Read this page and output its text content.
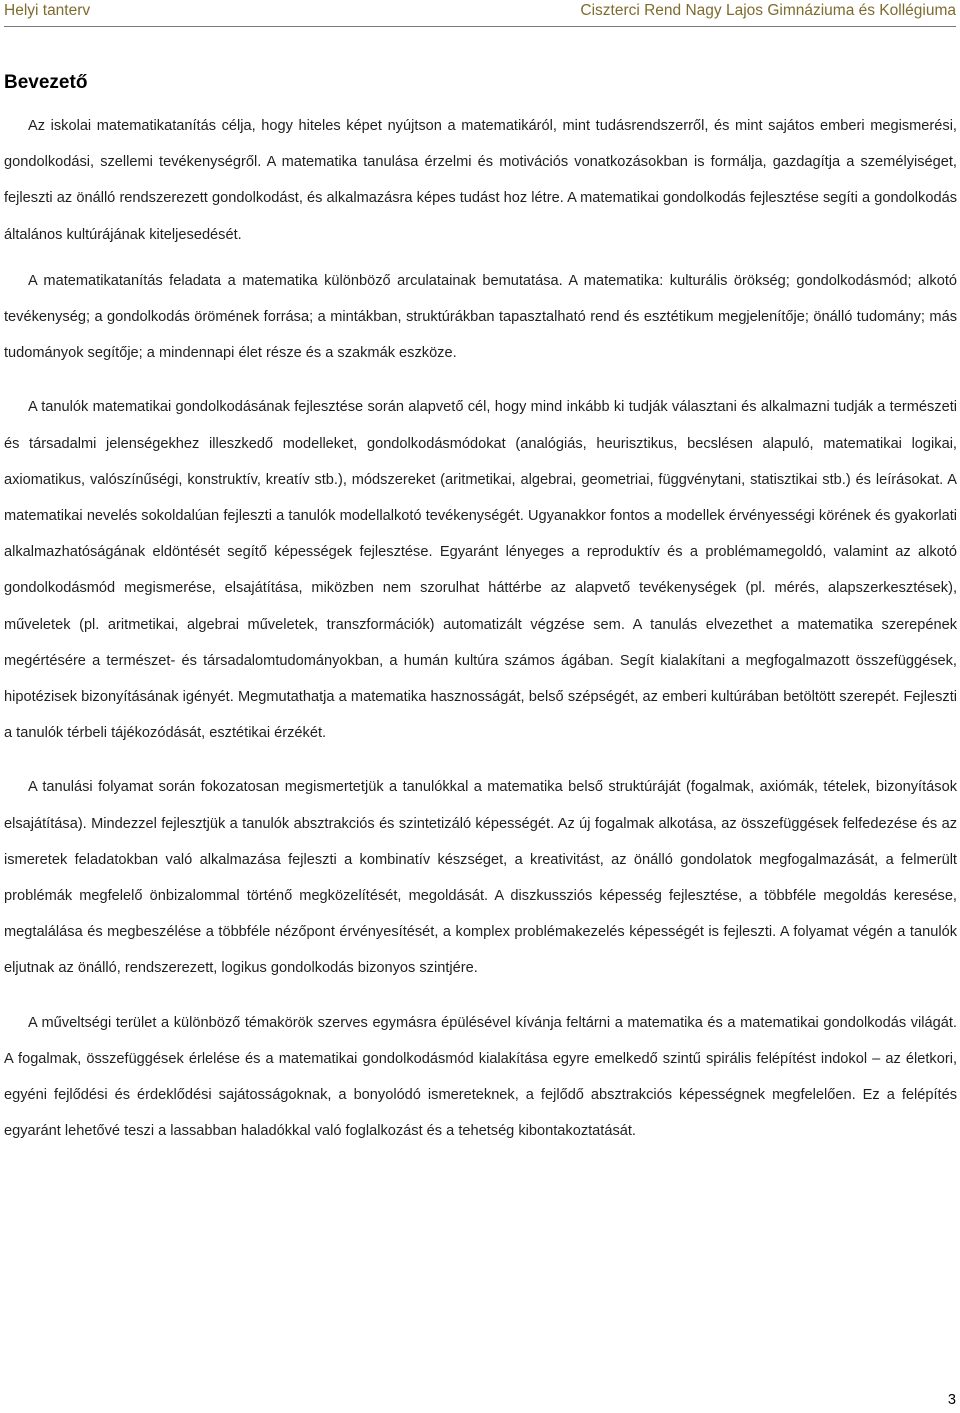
Helyi tanterv	Ciszterci Rend Nagy Lajos Gimnáziuma és Kollégiuma
Bevezető

Az iskolai matematikatanítás célja, hogy hiteles képet nyújtson a matematikáról, mint tudásrendszerről, és mint sajátos emberi megismerési, gondolkodási, szellemi tevékenységről. A matematika tanulása érzelmi és motivációs vonatkozásokban is formálja, gazdagítja a személyiséget, fejleszti az önálló rendszerezett gondolkodást, és alkalmazásra képes tudást hoz létre. A matematikai gondolkodás fejlesztése segíti a gondolkodás általános kultúrájának kiteljesedését.

A matematikatanítás feladata a matematika különböző arculatainak bemutatása. A matematika: kulturális örökség; gondolkodásmód; alkotó tevékenység; a gondolkodás örömének forrása; a mintákban, struktúrákban tapasztalható rend és esztétikum megjelenítője; önálló tudomány; más tudományok segítője; a mindennapi élet része és a szakmák eszköze.

A tanulók matematikai gondolkodásának fejlesztése során alapvető cél, hogy mind inkább ki tudják választani és alkalmazni tudják a természeti és társadalmi jelenségekhez illeszkedő modelleket, gondolkodásmódokat (analógiás, heurisztikus, becslésen alapuló, matematikai logikai, axiomatikus, valószínűségi, konstruktív, kreatív stb.), módszereket (aritmetikai, algebrai, geometriai, függvénytani, statisztikai stb.) és leírásokat. A matematikai nevelés sokoldalúan fejleszti a tanulók modellalkotó tevékenységét. Ugyanakkor fontos a modellek érvényességi körének és gyakorlati alkalmazhatóságának eldöntését segítő képességek fejlesztése. Egyaránt lényeges a reproduktív és a problémamegoldó, valamint az alkotó gondolkodásmód megismerése, elsajátítása, miközben nem szorulhat háttérbe az alapvető tevékenységek (pl. mérés, alapszerkesztések), műveletek (pl. aritmetikai, algebrai műveletek, transzformációk) automatizált végzése sem. A tanulás elvezethet a matematika szerepének megértésére a természet- és társadalomtudományokban, a humán kultúra számos ágában. Segít kialakítani a megfogalmazott összefüggések, hipotézisek bizonyításának igényét. Megmutathatja a matematika hasznosságát, belső szépségét, az emberi kultúrában betöltött szerepét. Fejleszti a tanulók térbeli tájékozódását, esztétikai érzékét.

A tanulási folyamat során fokozatosan megismertetjük a tanulókkal a matematika belső struktúráját (fogalmak, axiómák, tételek, bizonyítások elsajátítása). Mindezzel fejlesztjük a tanulók absztrakciós és szintetizáló képességét. Az új fogalmak alkotása, az összefüggések felfedezése és az ismeretek feladatokban való alkalmazása fejleszti a kombinatív készséget, a kreativitást, az önálló gondolatok megfogalmazását, a felmerült problémák megfelelő önbizalommal történő megközelítését, megoldását. A diszkussziós képesség fejlesztése, a többféle megoldás keresése, megtalálása és megbeszélése a többféle nézőpont érvényesítését, a komplex problémakezelés képességét is fejleszti. A folyamat végén a tanulók eljutnak az önálló, rendszerezett, logikus gondolkodás bizonyos szintjére.

A műveltségi terület a különböző témakörök szerves egymásra épülésével kívánja feltárni a matematika és a matematikai gondolkodás világát. A fogalmak, összefüggések érlelése és a matematikai gondolkodásmód kialakítása egyre emelkedő szintű spirális felépítést indokol – az életkori, egyéni fejlődési és érdeklődési sajátosságoknak, a bonyolódó ismereteknek, a fejlődő absztrakciós képességnek megfelelően. Ez a felépítés egyaránt lehetővé teszi a lassabban haladókkal való foglalkozást és a tehetség kibontakoztatását.

3
